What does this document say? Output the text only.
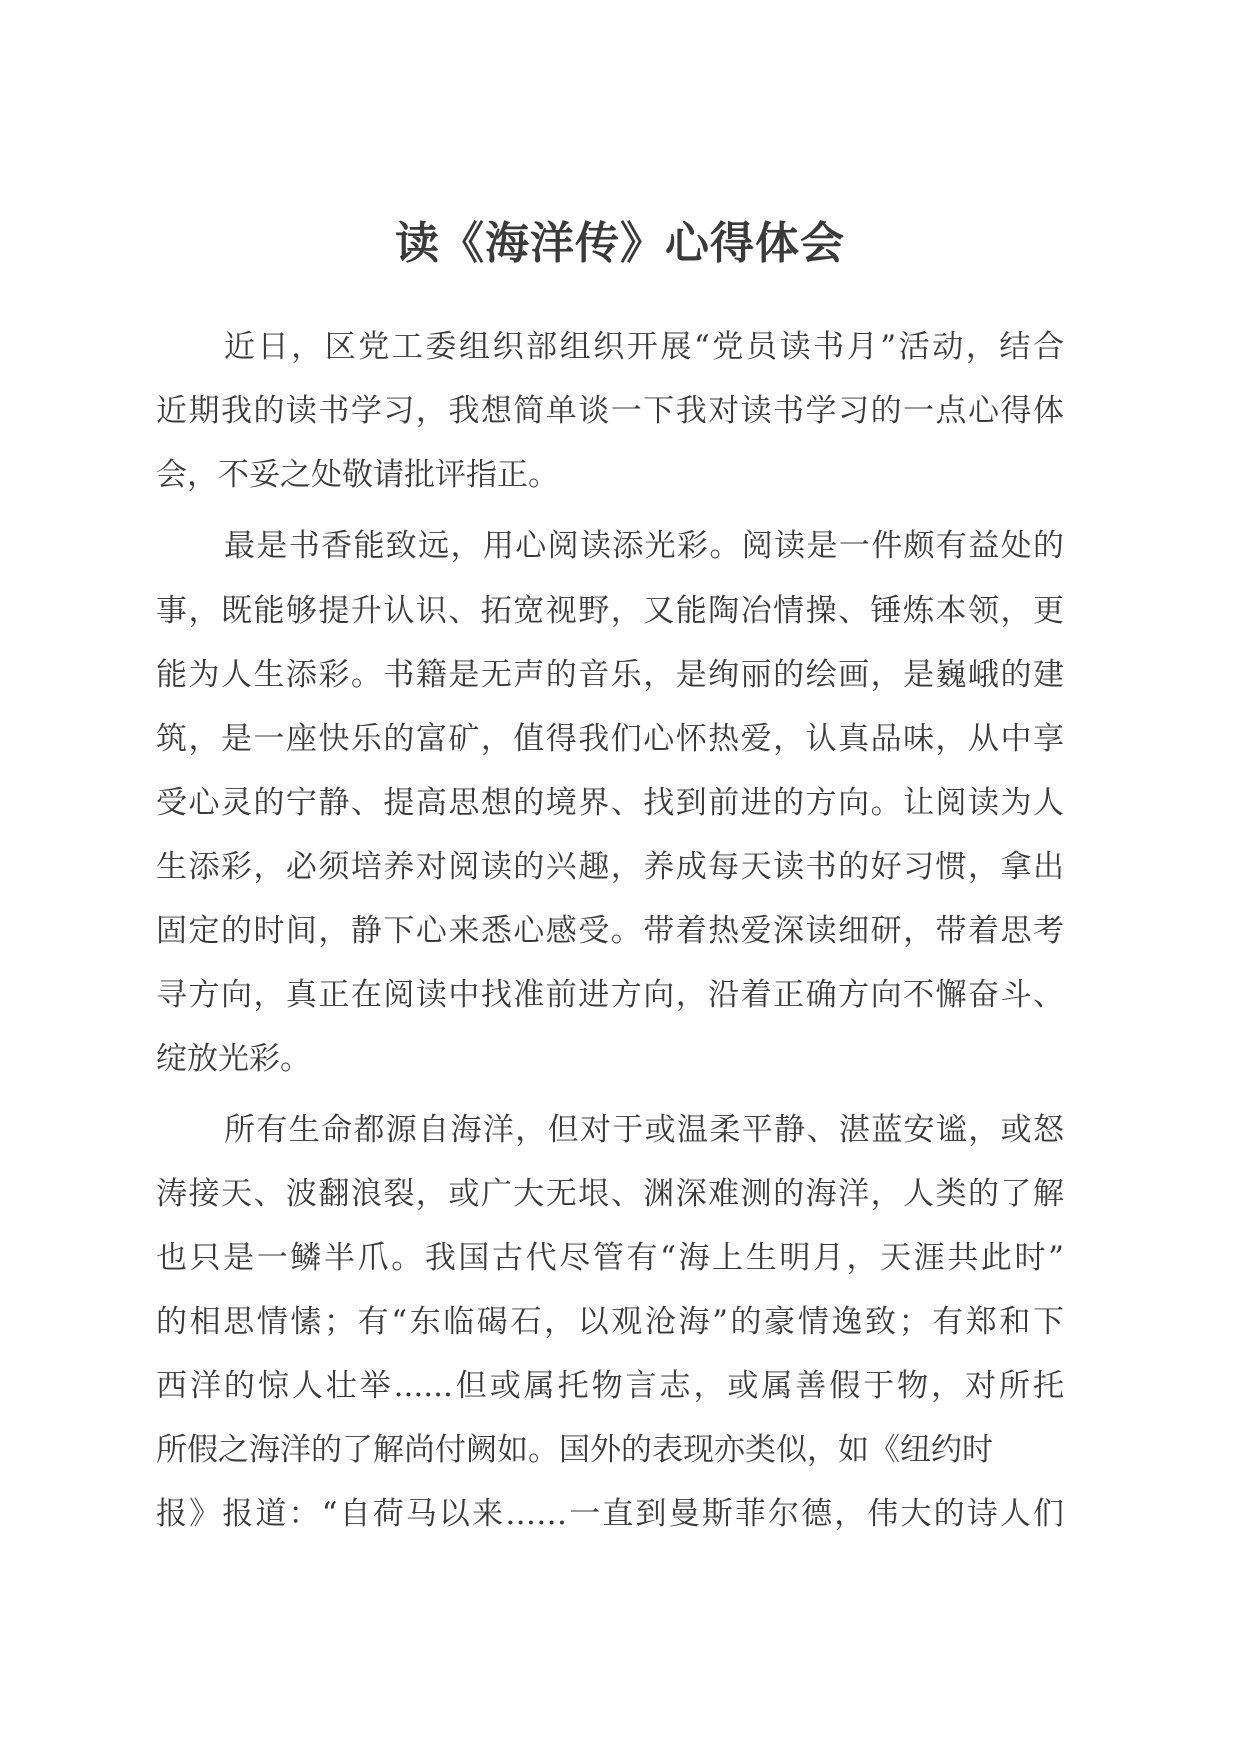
读《海洋传》心得体会
近日，区党工委组织部组织开展“党员读书月”活动，结合
近期我的读书学习，我想简单谈一下我对读书学习的一点心得体
会，不妥之处敬请批评指正。
最是书香能致远，用心阅读添光彩。阅读是一件颇有益处的
事，既能够提升认识、拓宽视野，又能陶冶情操、锤炼本领，更
能为人生添彩。书籍是无声的音乐，是绚丽的绘画，是巍峨的建
筑，是一座快乐的富矿，值得我们心怀热爱，认真品味，从中享
受心灵的宁静、提高思想的境界、找到前进的方向。让阅读为人
生添彩，必须培养对阅读的兴趣，养成每天读书的好习惯，拿出
固定的时间，静下心来悉心感受。带着热爱深读细研，带着思考
寻方向，真正在阅读中找准前进方向，沿着正确方向不懈奋斗、
绽放光彩。
所有生命都源自海洋，但对于或温柔平静、湛蓝安谧，或怒
涛接天、波翻浪裂，或广大无垠、渊深难测的海洋，人类的了解
也只是一鳞半爪。我国古代尽管有“海上生明月，天涯共此时”
的相思情愫；有“东临碣石，以观沧海”的豪情逸致；有郑和下
西洋的惊人壮举......但或属托物言志，或属善假于物，对所托
所假之海洋的了解尚付阙如。国外的表现亦类似，如《纽约时
报》报道：“自荷马以来……一直到曼斯菲尔德，伟大的诗人们
